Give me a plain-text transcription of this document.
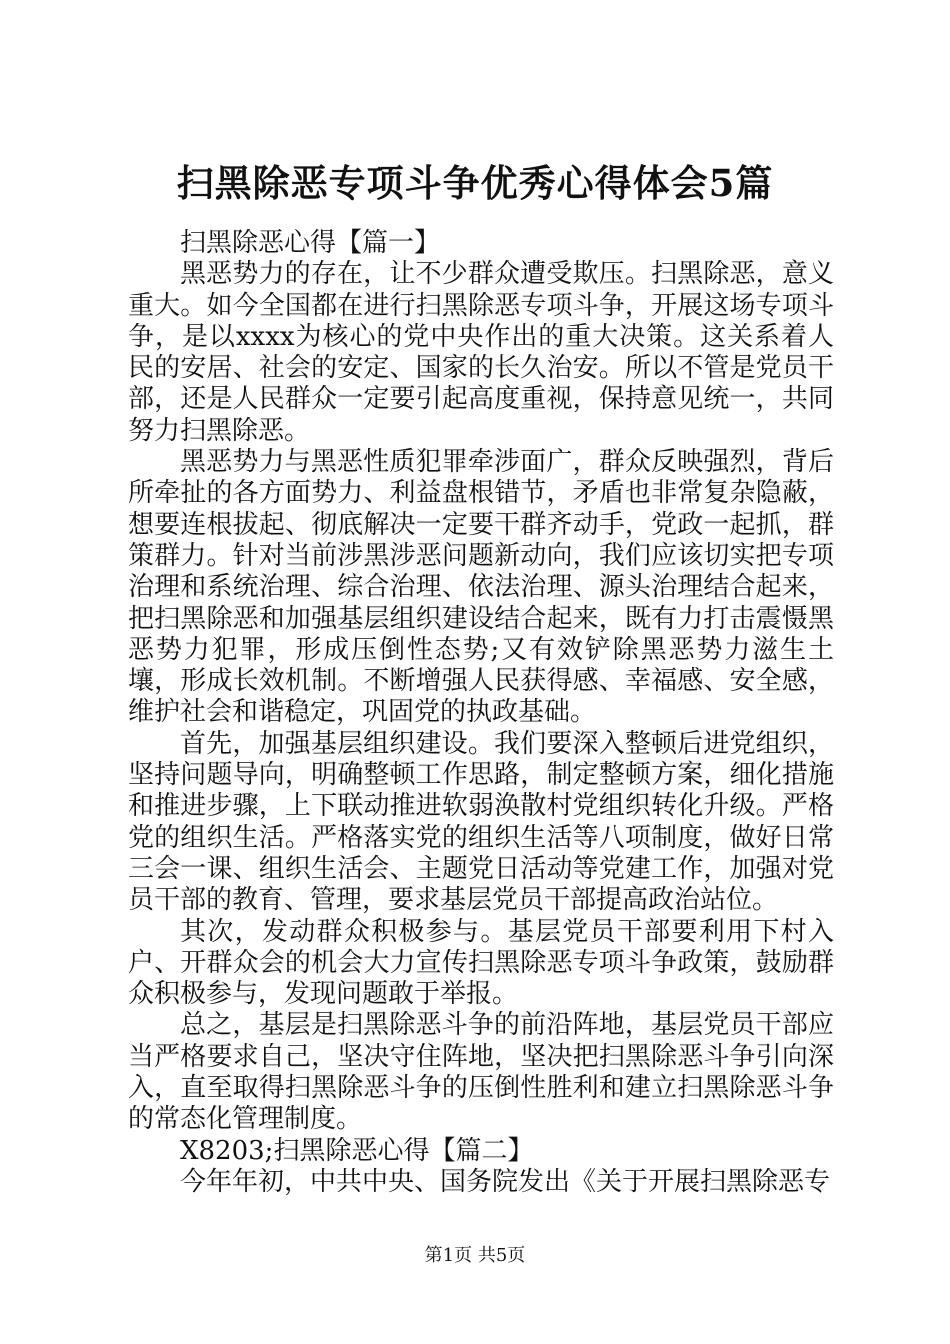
扫黑除恶专项斗争优秀心得体会5篇

扫黑除恶心得【篇一】

黑恶势力的存在，让不少群众遭受欺压。扫黑除恶，意义重大。如今全国都在进行扫黑除恶专项斗争，开展这场专项斗争，是以xxxx为核心的党中央作出的重大决策。这关系着人民的安居、社会的安定、国家的长久治安。所以不管是党员干部，还是人民群众一定要引起高度重视，保持意见统一，共同努力扫黑除恶。

黑恶势力与黑恶性质犯罪牵涉面广，群众反映强烈，背后所牵扯的各方面势力、利益盘根错节，矛盾也非常复杂隐蔽，想要连根拔起、彻底解决一定要干群齐动手，党政一起抓，群策群力。针对当前涉黑涉恶问题新动向，我们应该切实把专项治理和系统治理、综合治理、依法治理、源头治理结合起来，把扫黑除恶和加强基层组织建设结合起来，既有力打击震慑黑恶势力犯罪，形成压倒性态势;又有效铲除黑恶势力滋生土壤，形成长效机制。不断增强人民获得感、幸福感、安全感，维护社会和谐稳定，巩固党的执政基础。

首先，加强基层组织建设。我们要深入整顿后进党组织，坚持问题导向，明确整顿工作思路，制定整顿方案，细化措施和推进步骤，上下联动推进软弱涣散村党组织转化升级。严格党的组织生活。严格落实党的组织生活等八项制度，做好日常三会一课、组织生活会、主题党日活动等党建工作，加强对党员干部的教育、管理，要求基层党员干部提高政治站位。

其次，发动群众积极参与。基层党员干部要利用下村入户、开群众会的机会大力宣传扫黑除恶专项斗争政策，鼓励群众积极参与，发现问题敢于举报。

总之，基层是扫黑除恶斗争的前沿阵地，基层党员干部应当严格要求自己，坚决守住阵地，坚决把扫黑除恶斗争引向深入，直至取得扫黑除恶斗争的压倒性胜利和建立扫黑除恶斗争的常态化管理制度。

X8203;扫黑除恶心得【篇二】

今年年初，中共中央、国务院发出《关于开展扫黑除恶专

第1页 共5页
